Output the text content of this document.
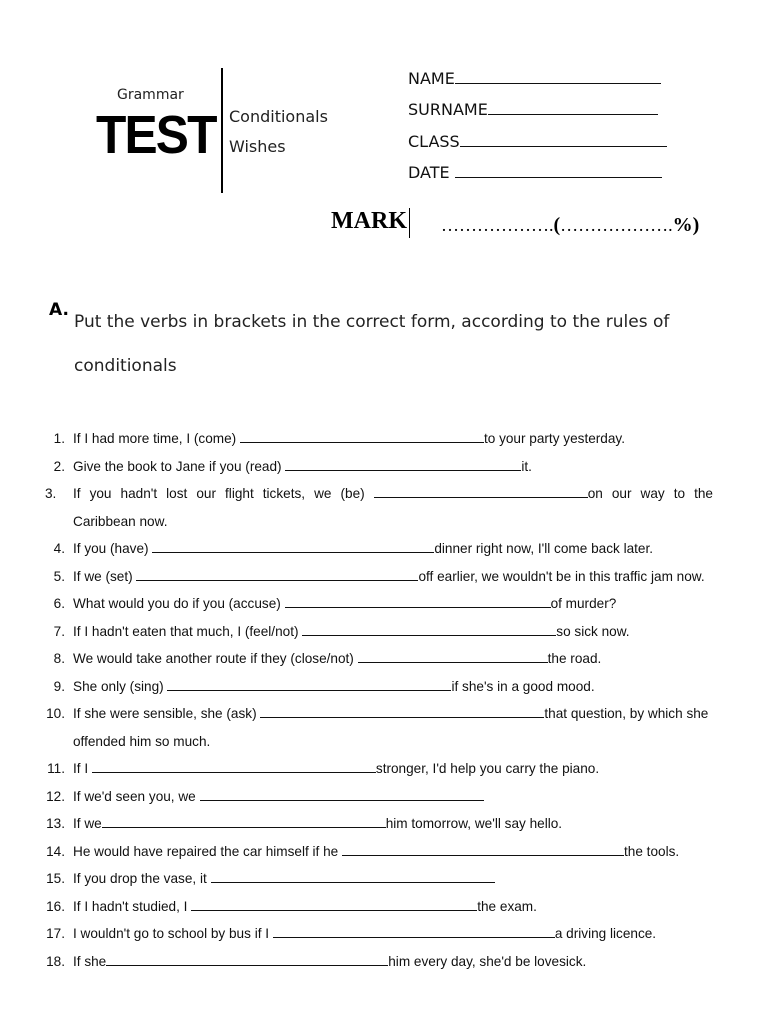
Grammar
TEST Conditionals
Wishes
NAME
SURNAME
CLASS
DATE
MARK ……………….(……………….%)
A.

Put the verbs in brackets in the correct form, according to the rules of conditionals

1. If I had more time, I (come)	to your party yesterday.
2. Give the book to Jane if you (read)	it.
3.	If you hadn't lost our flight tickets, we (be)	on our way to the
Caribbean now.
4. If you (have)	dinner right now, I'll come back later.
5. If we (set)	off earlier, we wouldn't be in this traffic jam now.
6. What would you do if you (accuse)	of murder?
7. If I hadn't eaten that much, I (feel/not)	so sick now.
8. We would take another route if they (close/not)	the road.
9. She only (sing)	if she's in a good mood.
10. If she were sensible, she (ask)	that question, by which she
offended him so much.
11. If I	stronger, I'd help you carry the piano.
12. If we'd seen you, we
13. If we	him tomorrow, we'll say hello.
14. He would have repaired the car himself if he	the tools.
15. If you drop the vase, it
16. If I hadn't studied, I	the exam.
17. I wouldn't go to school by bus if I	a driving licence.
18. If she	him every day, she'd be lovesick.
